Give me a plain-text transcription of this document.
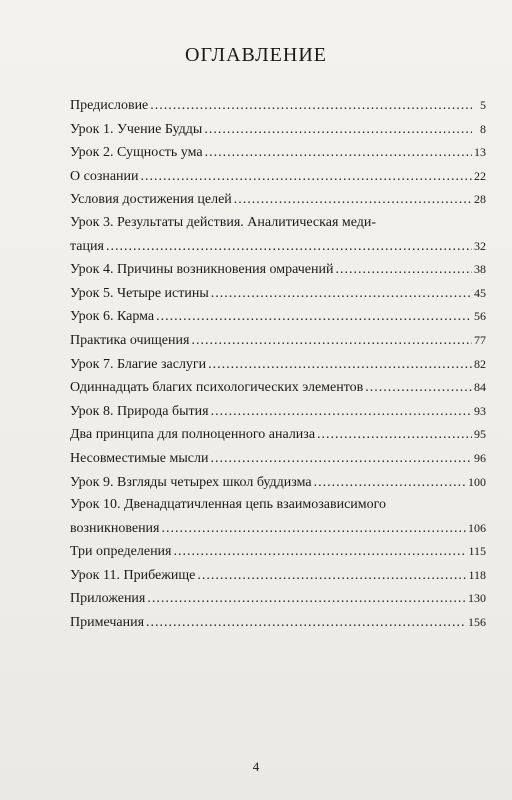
ОГЛАВЛЕНИЕ
Предисловие .....	5
Урок 1. Учение Будды .....	8
Урок 2. Сущность ума .....	13
О сознании .....	22
Условия достижения целей .....	28
Урок 3. Результаты действия. Аналитическая меди-
тация .....	32
Урок 4. Причины возникновения омрачений .....	38
Урок 5. Четыре истины .....	45
Урок 6. Карма .....	56
Практика очищения .....	77
Урок 7. Благие заслуги .....	82
Одиннадцать благих психологических элементов .....	84
Урок 8. Природа бытия .....	93
Два принципа для полноценного анализа .....	95
Несовместимые мысли .....	96
Урок 9. Взгляды четырех школ буддизма .....	100
Урок 10. Двенадцатичленная цепь взаимозависимого
возникновения .....	106
Три определения .....	115
Урок 11. Прибежище .....	118
Приложения .....	130
Примечания .....	156
4
